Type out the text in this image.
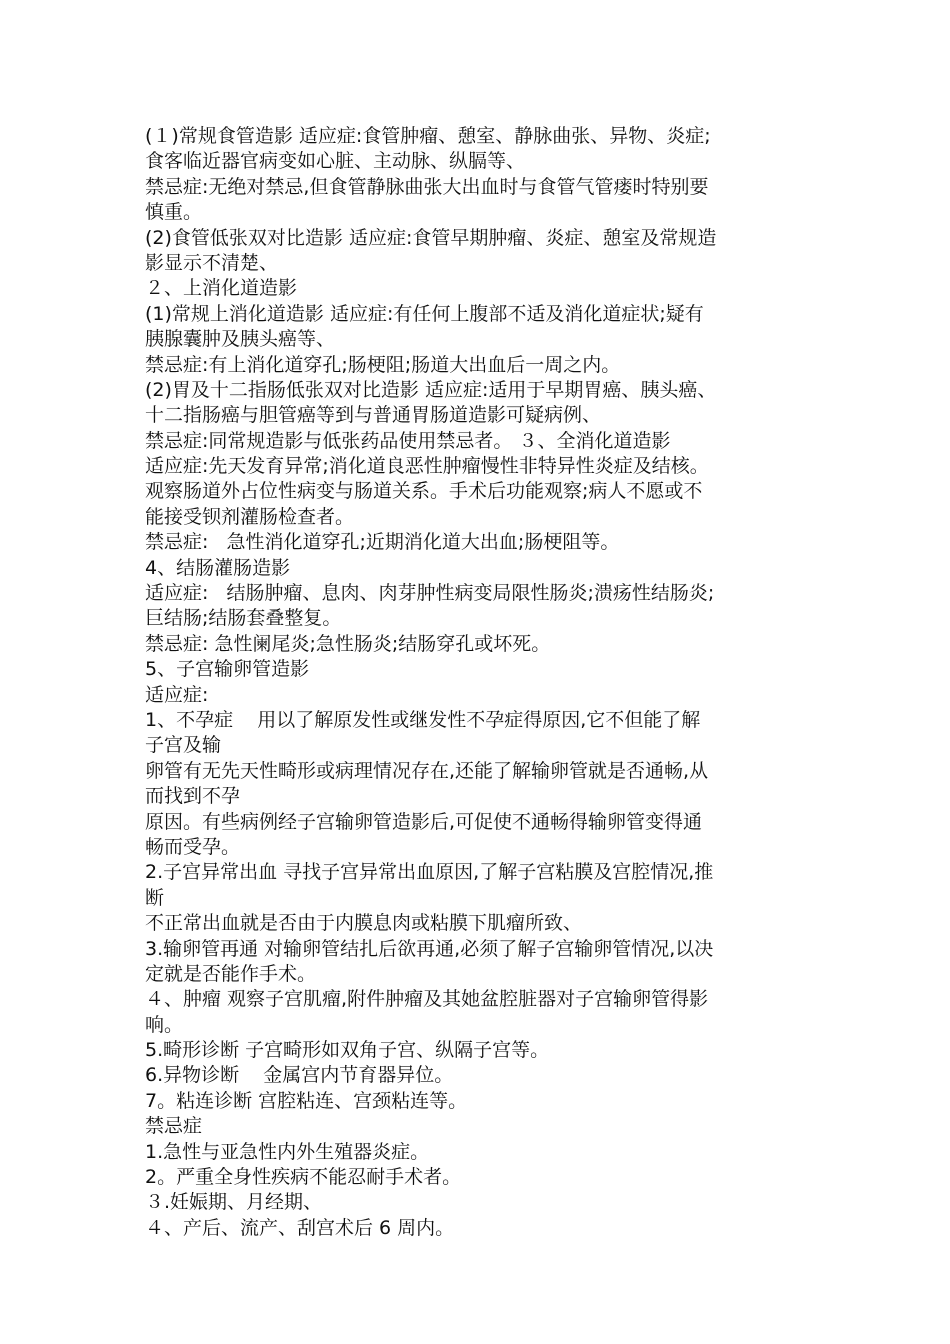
(１)常规食管造影 适应症:食管肿瘤、憩室、静脉曲张、异物、炎症;

食客临近器官病变如心脏、主动脉、纵膈等、

禁忌症:无绝对禁忌,但食管静脉曲张大出血时与食管气管瘘时特别要

慎重。

(2)食管低张双对比造影 适应症:食管早期肿瘤、炎症、憩室及常规造

影显示不清楚、

２、上消化道造影

(1)常规上消化道造影 适应症:有任何上腹部不适及消化道症状;疑有

胰腺囊肿及胰头癌等、

禁忌症:有上消化道穿孔;肠梗阻;肠道大出血后一周之内。

(2)胃及十二指肠低张双对比造影 适应症:适用于早期胃癌、胰头癌、

十二指肠癌与胆管癌等到与普通胃肠道造影可疑病例、

禁忌症:同常规造影与低张药品使用禁忌者。 ３、全消化道造影

适应症:先天发育异常;消化道良恶性肿瘤慢性非特异性炎症及结核。

观察肠道外占位性病变与肠道关系。手术后功能观察;病人不愿或不

能接受钡剂灌肠检查者。

禁忌症:   急性消化道穿孔;近期消化道大出血;肠梗阻等。

4、结肠灌肠造影

适应症:   结肠肿瘤、息肉、肉芽肿性病变局限性肠炎;溃疡性结肠炎;

巨结肠;结肠套叠整复。

禁忌症: 急性阑尾炎;急性肠炎;结肠穿孔或坏死。

5、子宫输卵管造影

适应症:

1、不孕症    用以了解原发性或继发性不孕症得原因,它不但能了解

子宫及输

卵管有无先天性畸形或病理情况存在,还能了解输卵管就是否通畅,从

而找到不孕

原因。有些病例经子宫输卵管造影后,可促使不通畅得输卵管变得通

畅而受孕。

2.子宫异常出血 寻找子宫异常出血原因,了解子宫粘膜及宫腔情况,推

断

不正常出血就是否由于内膜息肉或粘膜下肌瘤所致、

3.输卵管再通 对输卵管结扎后欲再通,必须了解子宫输卵管情况,以决

定就是否能作手术。

４、肿瘤 观察子宫肌瘤,附件肿瘤及其她盆腔脏器对子宫输卵管得影

响。

5.畸形诊断 子宫畸形如双角子宫、纵隔子宫等。

6.异物诊断    金属宫内节育器异位。

7。粘连诊断 宫腔粘连、宫颈粘连等。

禁忌症

1.急性与亚急性内外生殖器炎症。

2。严重全身性疾病不能忍耐手术者。

３.妊娠期、月经期、

４、产后、流产、刮宫术后 6 周内。
